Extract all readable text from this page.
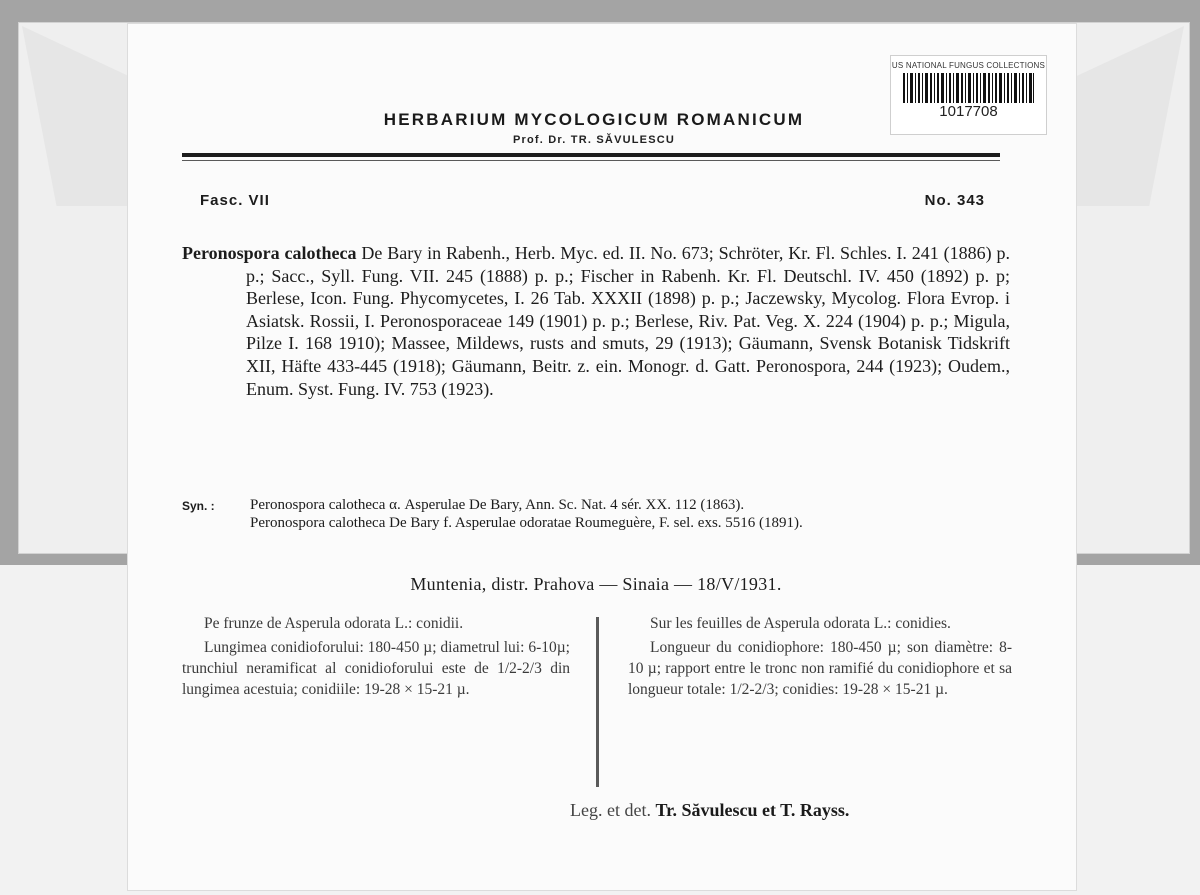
US NATIONAL FUNGUS COLLECTIONS
1017708
HERBARIUM MYCOLOGICUM ROMANICUM
Prof. Dr. TR. SĂVULESCU
Fasc. VII	No. 343
Peronospora calotheca De Bary in Rabenh., Herb. Myc. ed. II. No. 673; Schröter, Kr. Fl. Schles. I. 241 (1886) p. p.; Sacc., Syll. Fung. VII. 245 (1888) p. p.; Fischer in Rabenh. Kr. Fl. Deutschl. IV. 450 (1892) p. p; Berlese, Icon. Fung. Phycomycetes, I. 26 Tab. XXXII (1898) p. p.; Jaczewsky, Mycolog. Flora Evrop. i Asiatsk. Rossii, I. Peronosporaceae 149 (1901) p. p.; Berlese, Riv. Pat. Veg. X. 224 (1904) p. p.; Migula, Pilze I. 168 1910); Massee, Mildews, rusts and smuts, 29 (1913); Gäumann, Svensk Botanisk Tidskrift XII, Häfte 433-445 (1918); Gäumann, Beitr. z. ein. Monogr. d. Gatt. Peronospora, 244 (1923); Oudem., Enum. Syst. Fung. IV. 753 (1923).
Syn. : Peronospora calotheca α. Asperulae De Bary, Ann. Sc. Nat. 4 sér. XX. 112 (1863).
Peronospora calotheca De Bary f. Asperulae odoratae Roumeguère, F. sel. exs. 5516 (1891).
Muntenia, distr. Prahova — Sinaia — 18/V/1931.
Pe frunze de Asperula odorata L.: conidii.
Lungimea conidioforului: 180-450 µ; diametrul lui: 6-10µ; trunchiul neramificat al conidioforului este de 1/2-2/3 din lungimea acestuia; conidiile: 19-28 × 15-21 µ.
Sur les feuilles de Asperula odorata L.: conidies.
Longueur du conidiophore: 180-450 µ; son diamètre: 8-10 µ; rapport entre le tronc non ramifié du conidiophore et sa longueur totale: 1/2-2/3; conidies: 19-28 × 15-21 µ.
Leg. et det. Tr. Săvulescu et T. Rayss.
